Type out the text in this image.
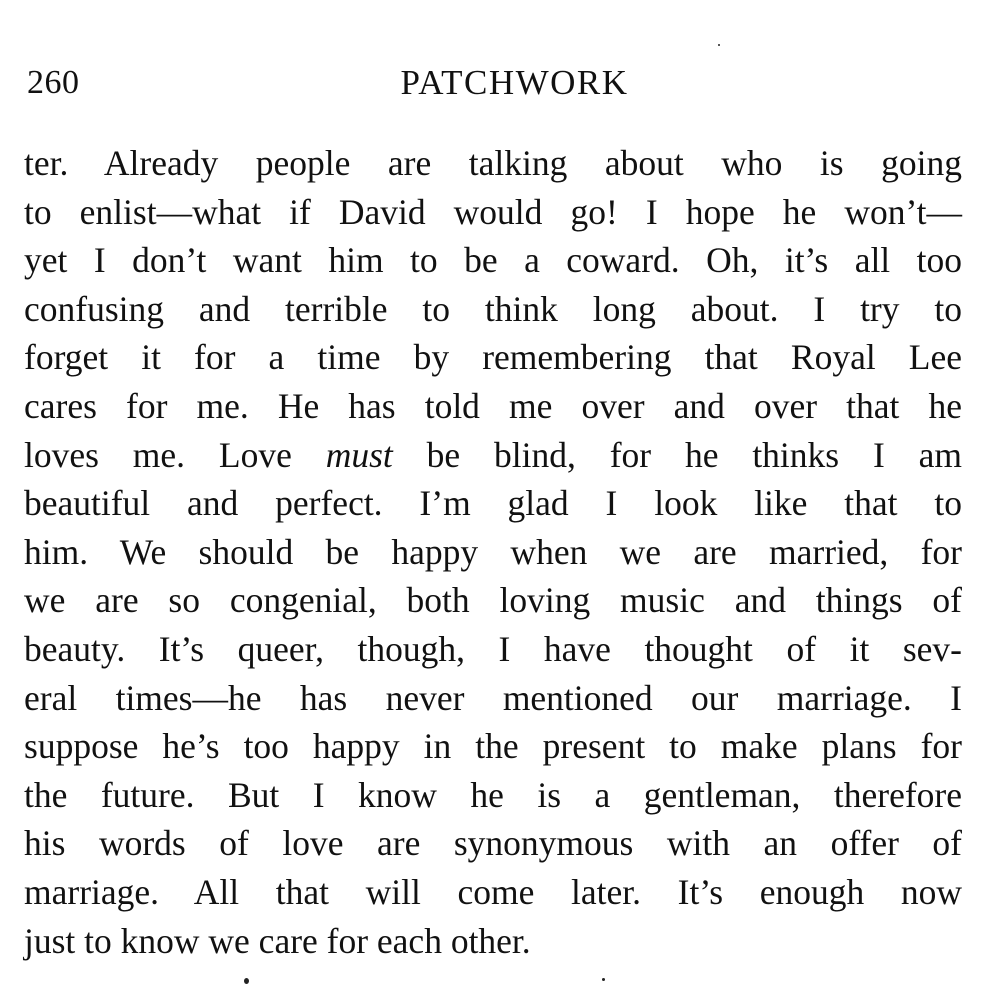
260	PATCHWORK
ter. Already people are talking about who is going
to enlist—what if David would go! I hope he won’t—
yet I don’t want him to be a coward. Oh, it’s all too
confusing and terrible to think long about. I try to
forget it for a time by remembering that Royal Lee
cares for me. He has told me over and over that he
loves me. Love must be blind, for he thinks I am
beautiful and perfect. I’m glad I look like that to
him. We should be happy when we are married, for
we are so congenial, both loving music and things of
beauty. It’s queer, though, I have thought of it sev-
eral times—he has never mentioned our marriage. I
suppose he’s too happy in the present to make plans for
the future. But I know he is a gentleman, therefore
his words of love are synonymous with an offer of
marriage. All that will come later. It’s enough now
just to know we care for each other.
